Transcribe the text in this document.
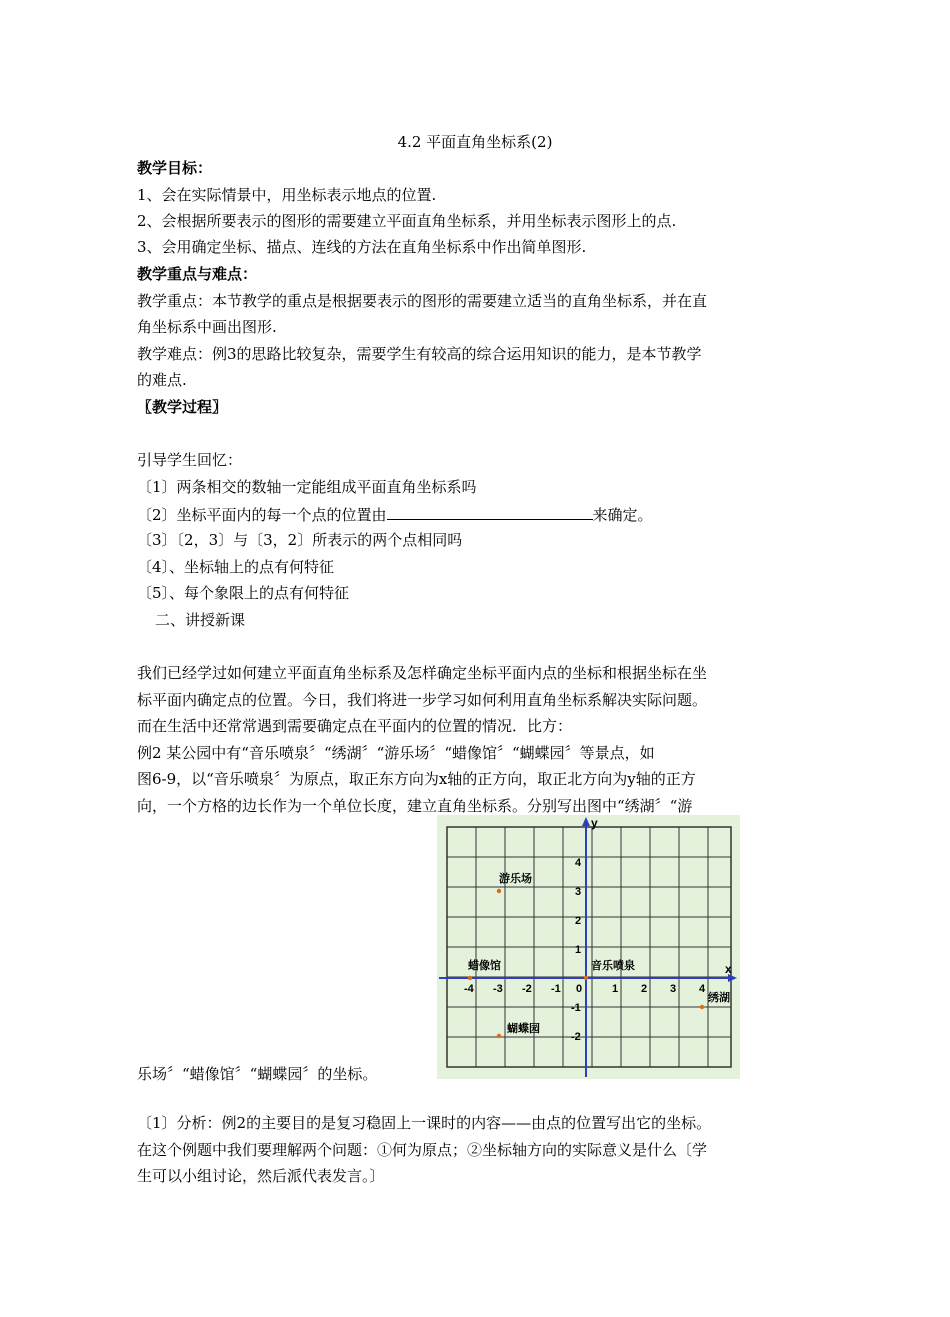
4.2 平面直角坐标系(2)
教学目标：
1、会在实际情景中，用坐标表示地点的位置.
2、会根据所要表示的图形的需要建立平面直角坐标系，并用坐标表示图形上的点.
3、会用确定坐标、描点、连线的方法在直角坐标系中作出简单图形.
教学重点与难点：
教学重点：本节教学的重点是根据要表示的图形的需要建立适当的直角坐标系，并在直
角坐标系中画出图形.
教学难点：例3的思路比较复杂，需要学生有较高的综合运用知识的能力，是本节教学
的难点.
〖教学过程〗
引导学生回忆：
〔1〕两条相交的数轴一定能组成平面直角坐标系吗
〔2〕坐标平面内的每一个点的位置由	来确定。
〔3〕〔2，3〕与〔3，2〕所表示的两个点相同吗
〔4〕、坐标轴上的点有何特征
〔5〕、每个象限上的点有何特征
二、讲授新课
我们已经学过如何建立平面直角坐标系及怎样确定坐标平面内点的坐标和根据坐标在坐
标平面内确定点的位置。今日，我们将进一步学习如何利用直角坐标系解决实际问题。
而在生活中还常常遇到需要确定点在平面内的位置的情况．比方：
例2 某公园中有“音乐喷泉〞“绣湖〞“游乐场〞“蜡像馆〞“蝴蝶园〞等景点，如
图6-9，以“音乐喷泉〞为原点，取正东方向为x轴的正方向，取正北方向为y轴的正方
向，一个方格的边长作为一个单位长度，建立直角坐标系。分别写出图中“绣湖〞“游
乐场〞“蜡像馆〞“蝴蝶园〞的坐标。
x
y
0
-4 -3 -2 -1	1 2 3 4
4
3
2
1
-1
-2
游乐场
蜡像馆	音乐喷泉
绣湖
蝴蝶园
〔1〕分析：例2的主要目的是复习稳固上一课时的内容——由点的位置写出它的坐标。
在这个例题中我们要理解两个问题：①何为原点；②坐标轴方向的实际意义是什么〔学
生可以小组讨论，然后派代表发言。〕
